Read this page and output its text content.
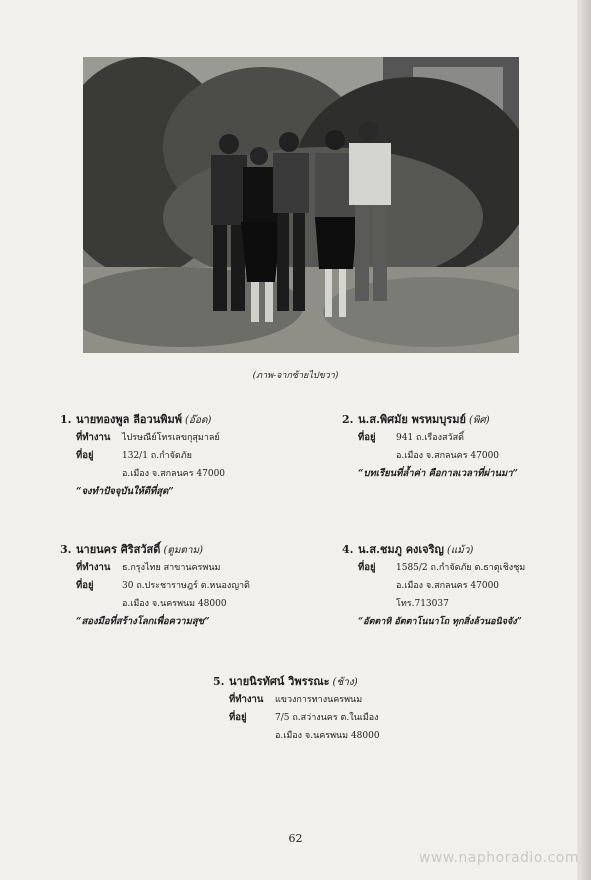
(ภาพ-จากซ้ายไปขวา)
1. นายทองพูล ลีอวนพิมพ์ (อ๊อด)
ที่ทำงาน ไปรษณีย์โทรเลขกุสุมาลย์
ที่อยู่	132/1 ถ.กำจัดภัย
อ.เมือง จ.สกลนคร 47000
“จงทำปัจจุบันให้ดีที่สุด”
2. น.ส.พิศมัย พรหมบุรมย์ (พิศ)
ที่อยู่ 941 ถ.เรืองสวัสดิ์
อ.เมือง จ.สกลนคร 47000
“บทเรียนที่ล้ำค่า คือกาลเวลาที่ผ่านมา”
3. นายนคร ศิริสวัสดิ์ (ตูมตาม)
ที่ทำงาน ธ.กรุงไทย สาขานครพนม
ที่อยู่	30 ถ.ประชาราษฎร์ ต.หนองญาติ
อ.เมือง จ.นครพนม 48000
“สองมือที่สร้างโลกเพื่อความสุข”
4. น.ส.ชมภู คงเจริญ (แม้ว)
ที่อยู่ 1585/2 ถ.กำจัดภัย ต.ธาตุเชิงชุม
อ.เมือง จ.สกลนคร 47000
โทร.713037
“อัตตาหิ อัตตาโนนาโถ ทุกสิ่งล้วนอนิจจัง”
5. นายนิรทัศน์ วิพรรณะ (ช้าง)
ที่ทำงาน แขวงการทางนครพนม
ที่อยู่	7/5 ถ.สว่างนคร ต.ในเมือง
อ.เมือง จ.นครพนม 48000
62
www.naphoradio.com
